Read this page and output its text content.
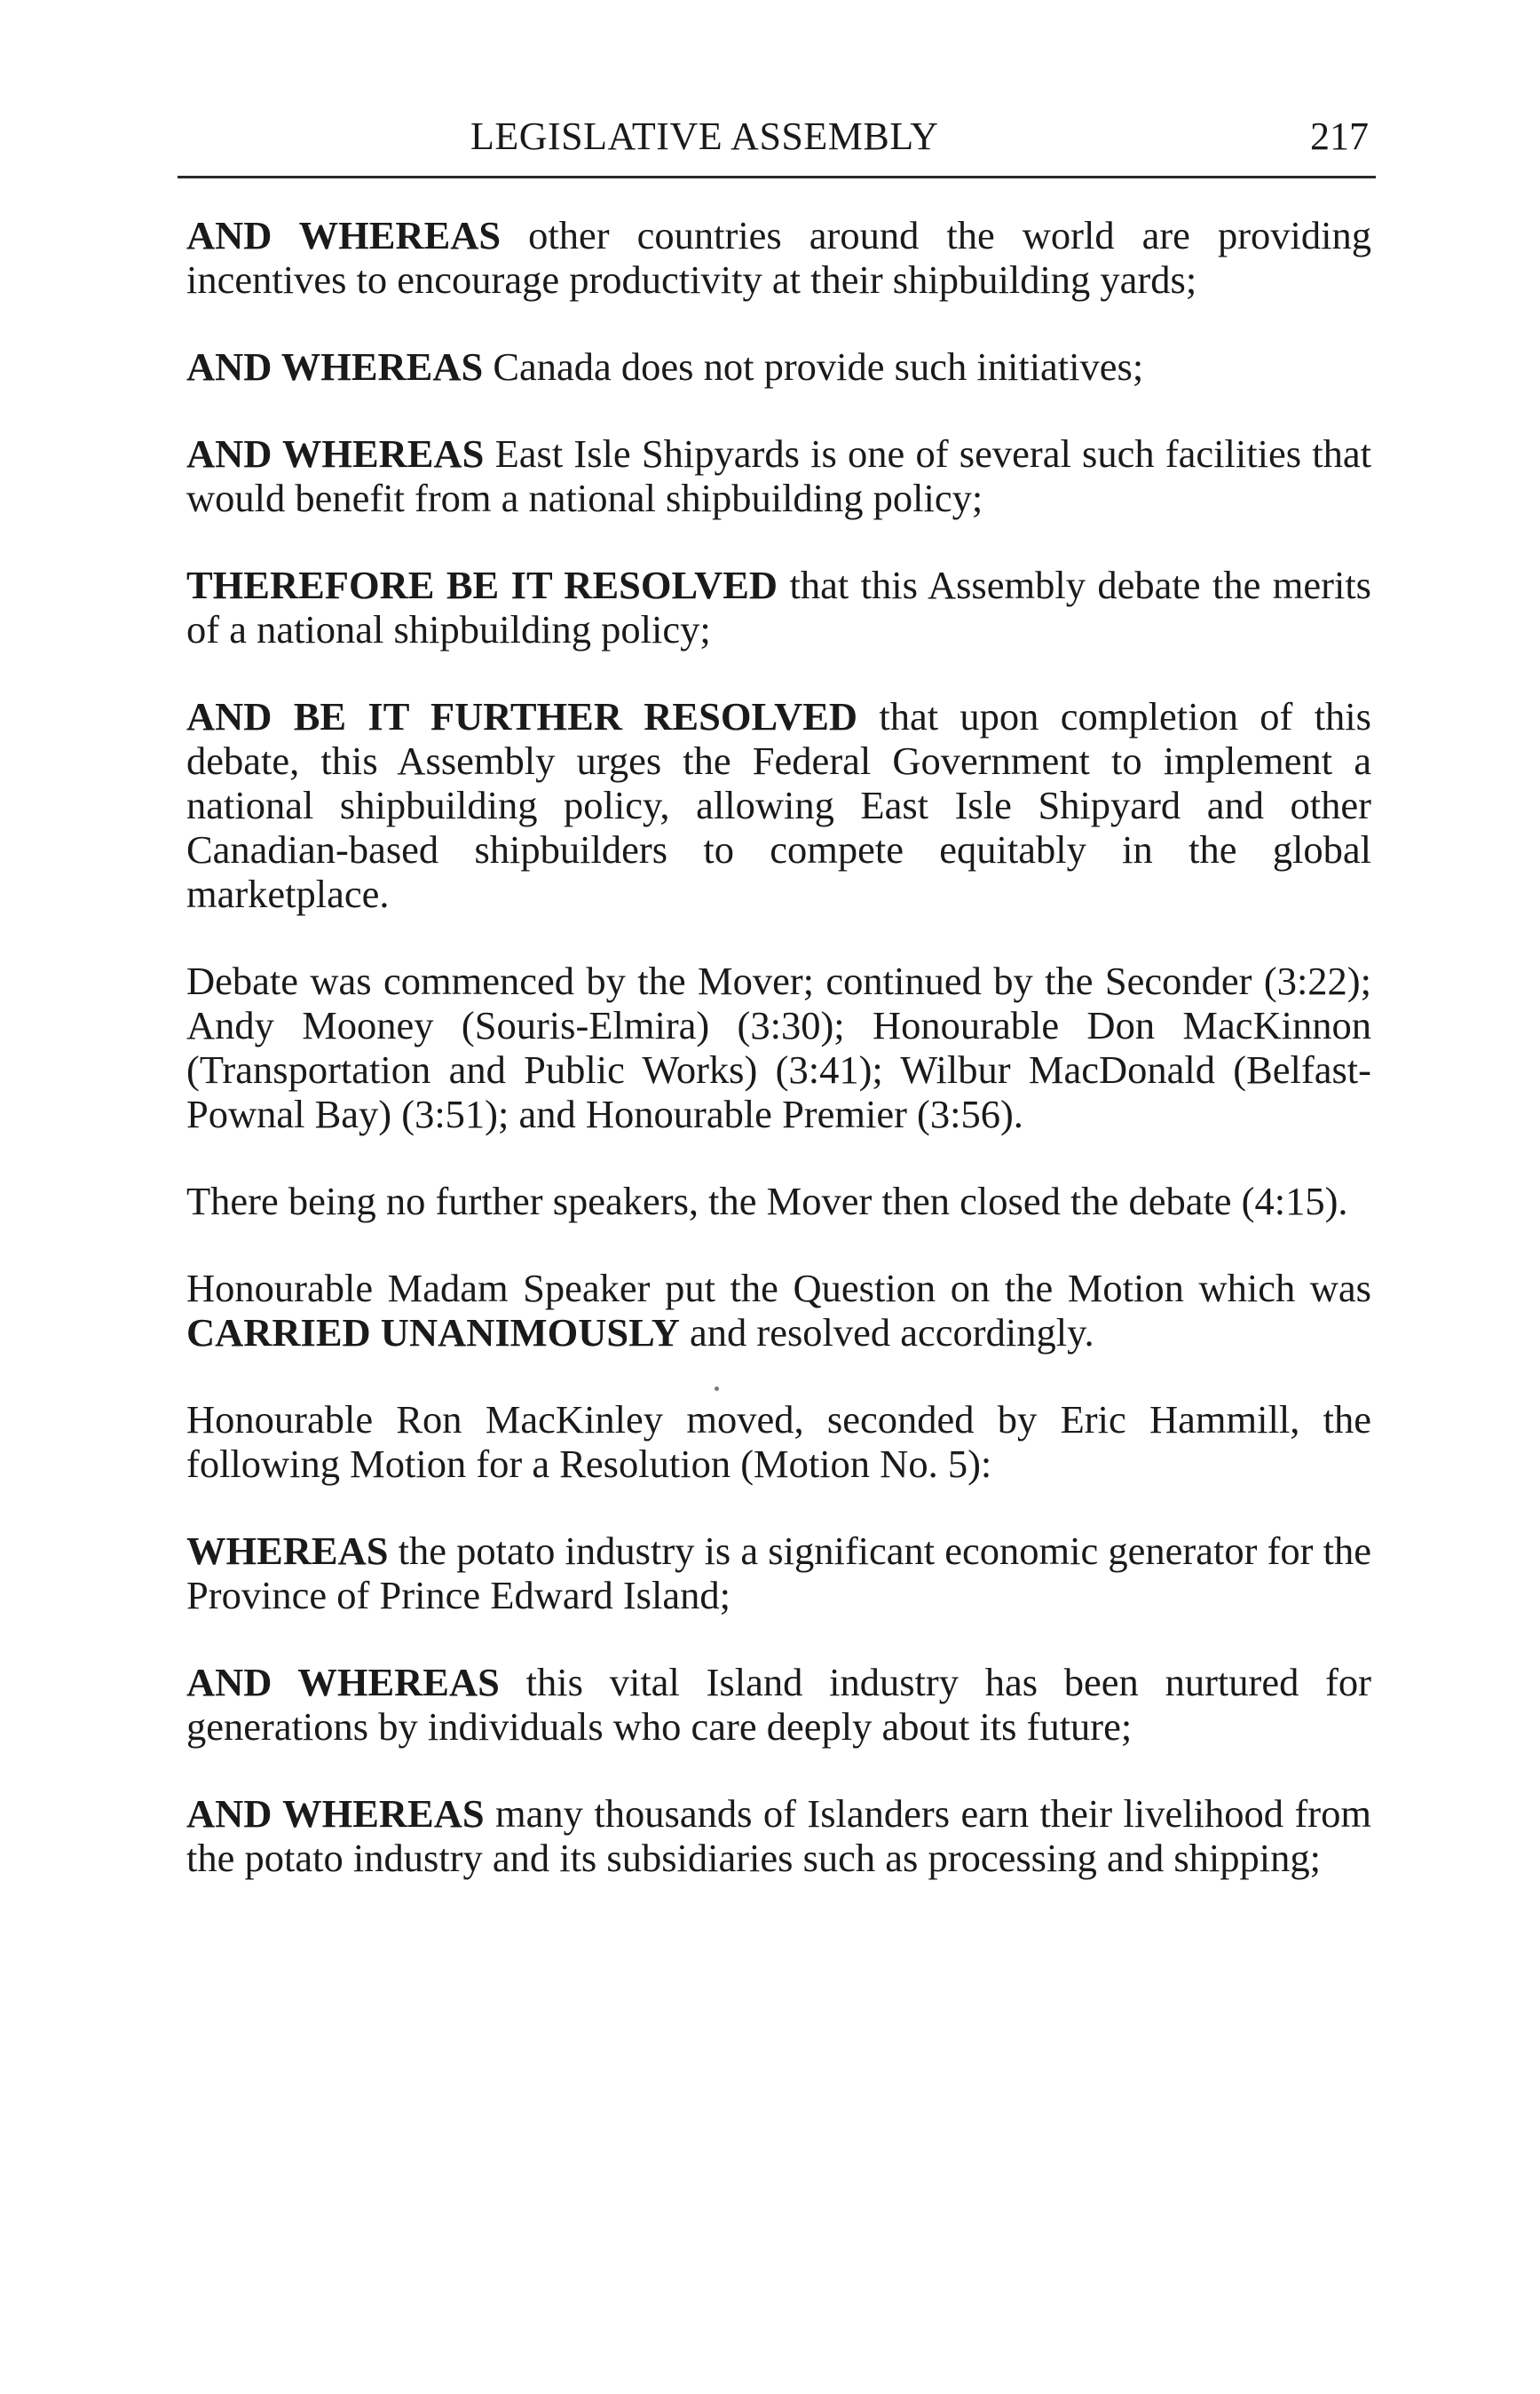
LEGISLATIVE ASSEMBLY	217

AND WHEREAS other countries around the world are providing incentives to encourage productivity at their shipbuilding yards;

AND WHEREAS Canada does not provide such initiatives;

AND WHEREAS East Isle Shipyards is one of several such facilities that would benefit from a national shipbuilding policy;

THEREFORE BE IT RESOLVED that this Assembly debate the merits of a national shipbuilding policy;

AND BE IT FURTHER RESOLVED that upon completion of this debate, this Assembly urges the Federal Government to implement a national shipbuilding policy, allowing East Isle Shipyard and other Canadian-based shipbuilders to compete equitably in the global marketplace.

Debate was commenced by the Mover; continued by the Seconder (3:22); Andy Mooney (Souris-Elmira) (3:30); Honourable Don MacKinnon (Transportation and Public Works) (3:41); Wilbur MacDonald (Belfast-Pownal Bay) (3:51); and Honourable Premier (3:56).

There being no further speakers, the Mover then closed the debate (4:15).

Honourable Madam Speaker put the Question on the Motion which was CARRIED UNANIMOUSLY and resolved accordingly.

Honourable Ron MacKinley moved, seconded by Eric Hammill, the following Motion for a Resolution (Motion No. 5):

WHEREAS the potato industry is a significant economic generator for the Province of Prince Edward Island;

AND WHEREAS this vital Island industry has been nurtured for generations by individuals who care deeply about its future;

AND WHEREAS many thousands of Islanders earn their livelihood from the potato industry and its subsidiaries such as processing and shipping;
